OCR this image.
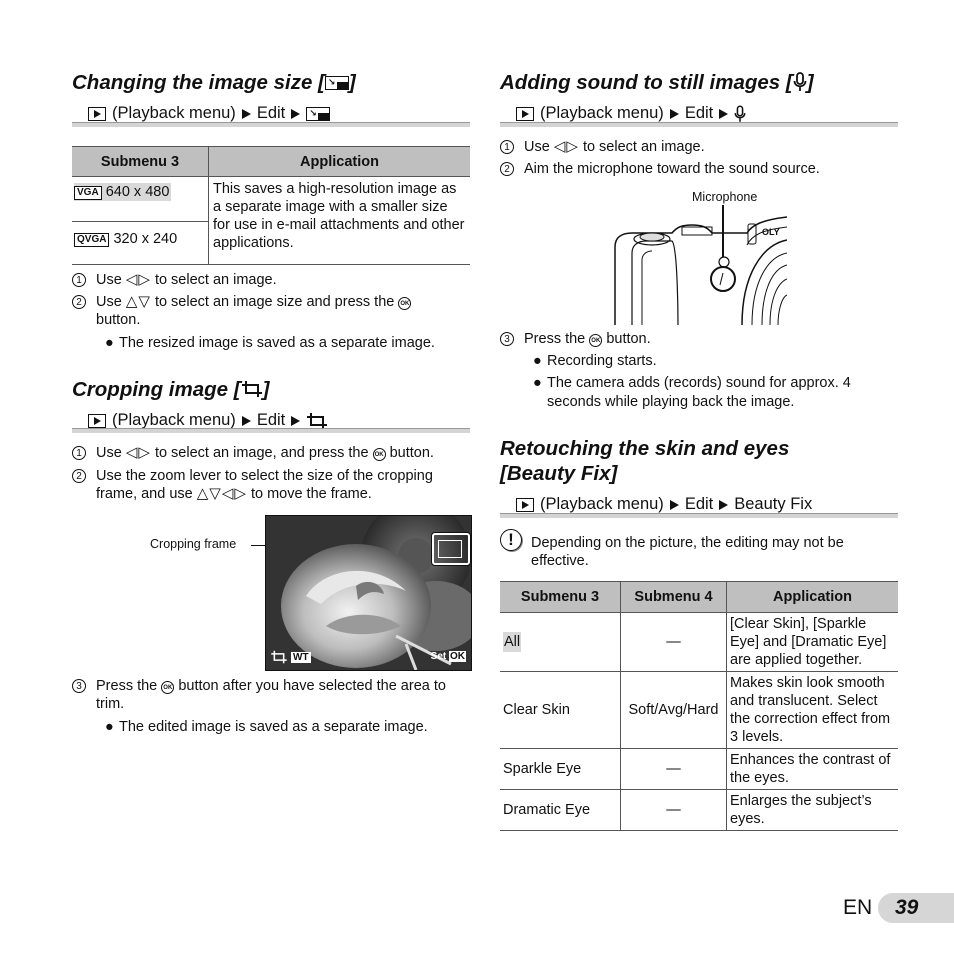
Changing the image size [ ↘ ]
(Playback menu) Edit	↘
Submenu 3	Application
VGA 640 x 480	This saves a high-resolution image as a separate image with a smaller size for use in e-mail attachments and other applications.
QVGA 320 x 240	
1 Use ◁▷ to select an image.
2 Use △▽ to select an image size and press the OK
button.
● The resized image is saved as a separate image.
Cropping image [ ]
(Playback menu) Edit
1 Use ◁▷ to select an image, and press the OK button.
2 Use the zoom lever to select the size of the cropping frame, and use △▽◁▷ to move the frame.
Cropping frame
WT	Set OK
3 Press the OK button after you have selected the area to trim.
● The edited image is saved as a separate image.
Adding sound to still images [ ]
(Playback menu) Edit
1 Use ◁▷ to select an image.
2 Aim the microphone toward the sound source.
Microphone
OLY
3 Press the OK button.
● Recording starts.
● The camera adds (records) sound for approx. 4 seconds while playing back the image.
Retouching the skin and eyes
[Beauty Fix]
(Playback menu) Edit Beauty Fix
!	Depending on the picture, the editing may not be effective.
Submenu 3	Submenu 4	Application
All	—	[Clear Skin], [Sparkle Eye] and [Dramatic Eye] are applied together.
Clear Skin	Soft/Avg/Hard	Makes skin look smooth and translucent. Select the correction effect from 3 levels.
Sparkle Eye	—	Enhances the contrast of the eyes.
Dramatic Eye	—	Enlarges the subject’s eyes.
EN 39
